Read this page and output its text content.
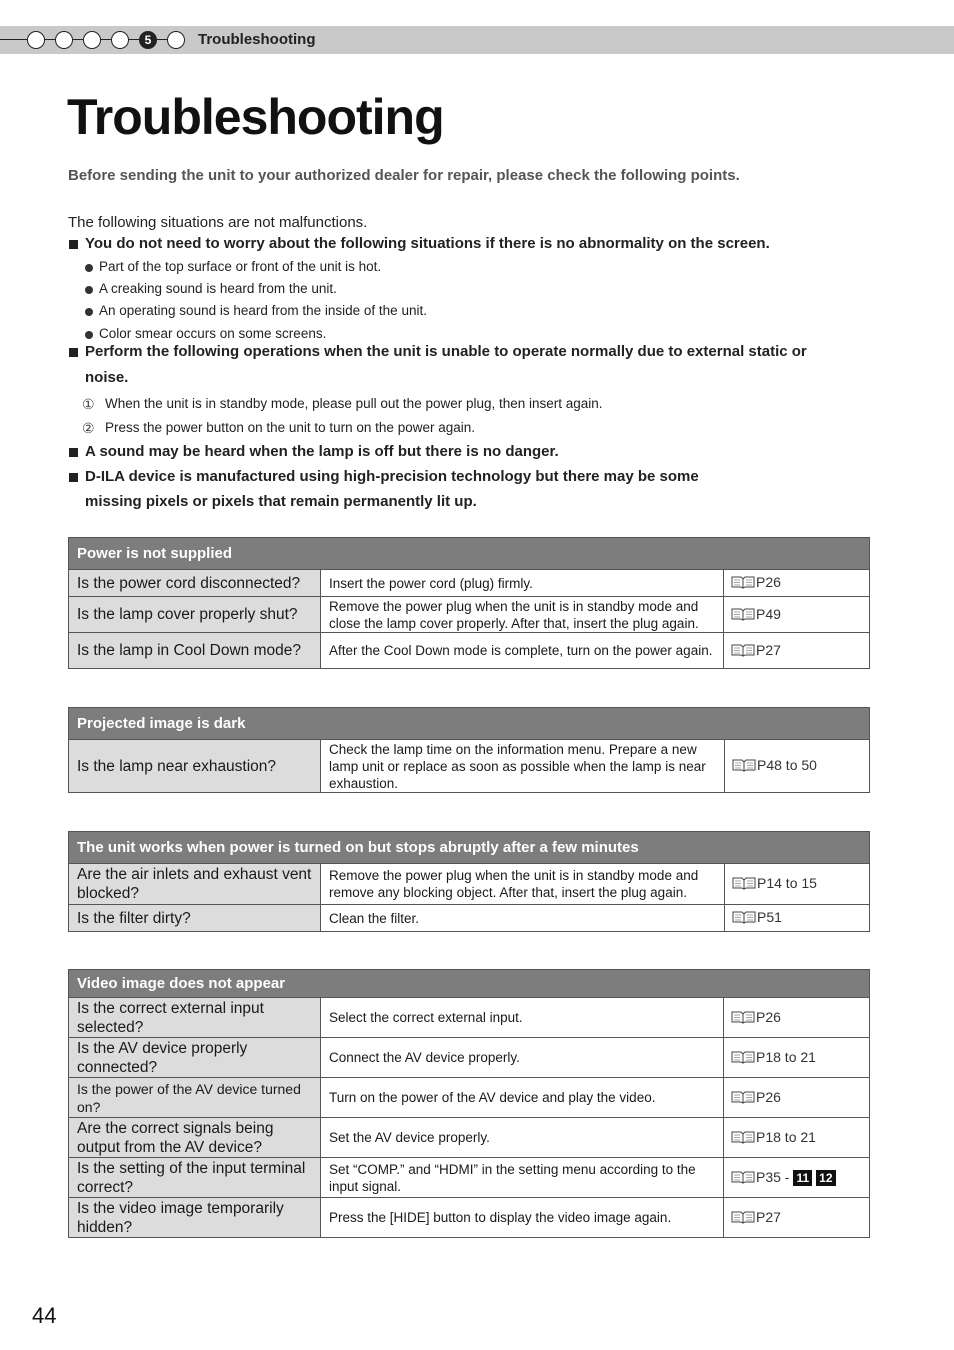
5	Troubleshooting
Troubleshooting

Before sending the unit to your authorized dealer for repair, please check the following points.

The following situations are not malfunctions.
You do not need to worry about the following situations if there is no abnormality on the screen.
Part of the top surface or front of the unit is hot.
A creaking sound is heard from the unit.
An operating sound is heard from the inside of the unit.
Color smear occurs on some screens.
Perform the following operations when the unit is unable to operate normally due to external static or
noise.
① When the unit is in standby mode, please pull out the power plug, then insert again.
② Press the power button on the unit to turn on the power again.
A sound may be heard when the lamp is off but there is no danger.
D-ILA device is manufactured using high-precision technology but there may be some
missing pixels or pixels that remain permanently lit up.
Power is not supplied		
Is the power cord disconnected?	Insert the power cord (plug) firmly.	P26
Is the lamp cover properly shut?	Remove the power plug when the unit is in standby mode and close the lamp cover properly. After that, insert the plug again.	P49
Is the lamp in Cool Down mode?	After the Cool Down mode is complete, turn on the power again.	P27
Projected image is dark
Is the lamp near exhaustion?	Check the lamp time on the information menu. Prepare a new lamp unit or replace as soon as possible when the lamp is near exhaustion.	P48 to 50
The unit works when power is turned on but stops abruptly after a few minutes		
Are the air inlets and exhaust vent blocked?	Remove the power plug when the unit is in standby mode and remove any blocking object. After that, insert the plug again.	P14 to 15
Is the filter dirty?	Clean the filter.	P51
Video image does not appear		
Is the correct external input selected?	Select the correct external input.	P26
Is the AV device properly connected?	Connect the AV device properly.	P18 to 21
Is the power of the AV device turned on?	Turn on the power of the AV device and play the video.	P26
Are the correct signals being output from the AV device?	Set the AV device properly.	P18 to 21
Is the setting of the input terminal correct?	Set “COMP.” and “HDMI” in the setting menu according to the input signal.	P35 - 11 12
Is the video image temporarily hidden?	Press the [HIDE] button to display the video image again.	P27
44
